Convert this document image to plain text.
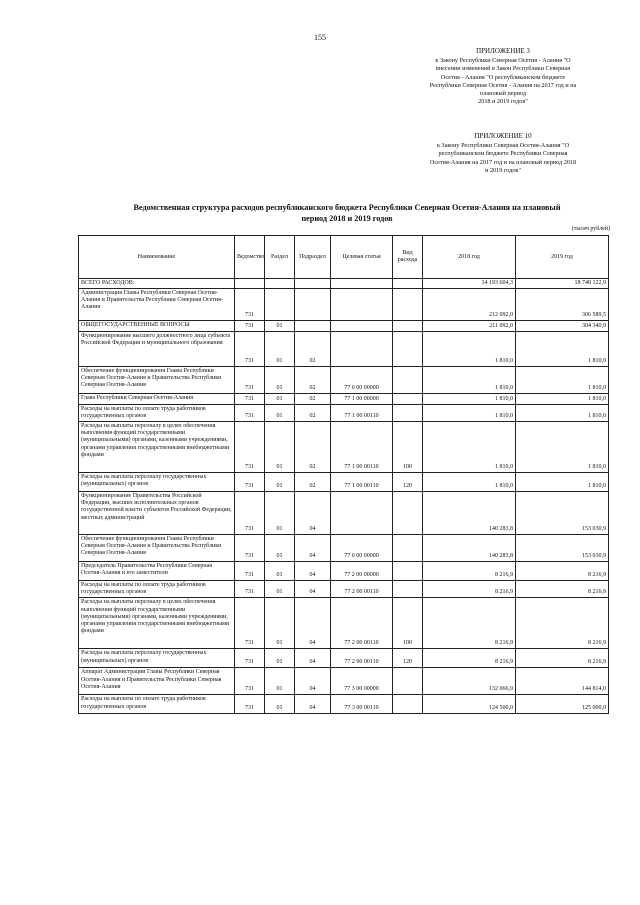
155
ПРИЛОЖЕНИЕ 3
к Закону Республики Северная Осетия - Алания "О
внесении изменений в Закон Республики Северная
Осетия - Алания "О республиканском бюджете
Республики Северная Осетия - Алания на 2017 год и на
плановый период
2018 и 2019 годов"
ПРИЛОЖЕНИЕ 10
к Закону Республики Северная Осетия-Алания "О
республиканском бюджете Республики Северная
Осетия-Алания на 2017 год и на плановый период 2018
и 2019 годов"
Ведомственная структура расходов республиканского бюджета Республики Северная Осетия-Алания на плановый
период 2018 и 2019 годов
(тысяч рублей)
Наименование	Ведомство	Раздел	Подраздел	Целевая статья	Вид расхода	2018 год	2019 год
ВСЕГО РАСХОДОВ:						14 193 604,3	18 748 122,9
Администрация Главы Республики Северная Осетия-Алания и Правительства Республики Северная Осетия-Алания	731					212 092,0	306 589,5
ОБЩЕГОСУДАРСТВЕННЫЕ ВОПРОСЫ	731	01				211 092,0	304 340,9
Функционирование высшего должностного лица субъекта Российской Федерации и муниципального образования	731	01	02			1 810,0	1 810,0
Обеспечение функционирования Главы Республики Северная Осетия-Алания и Правительства Республики Северная Осетия-Алания	731	01	02	77 0 00 00000		1 810,0	1 810,0
Глава Республики Северная Осетия-Алания	731	01	02	77 1 00 00000		1 810,0	1 810,0
Расходы на выплаты по оплате труда работников государственных органов	731	01	02	77 1 00 00110		1 810,0	1 810,0
Расходы на выплаты персоналу в целях обеспечения выполнения функций государственными (муниципальными) органами, казенными учреждениями, органами управления государственными внебюджетными фондами	731	01	02	77 1 00 00110	100	1 810,0	1 810,0
Расходы на выплаты персоналу государственных (муниципальных) органов	731	01	02	77 1 00 00110	120	1 810,0	1 810,0
Функционирование Правительства Российской Федерации, высших исполнительных органов государственной власти субъектов Российской Федерации, местных администраций	731	01	04			140 283,8	153 030,9
Обеспечение функционирования Главы Республики Северная Осетия-Алания и Правительства Республики Северная Осетия-Алания	731	01	04	77 0 00 00000		140 283,8	153 030,9
Председатель Правительства Республики Северная Осетия-Алания и его заместители	731	01	04	77 2 00 00000		8 216,9	8 216,9
Расходы на выплаты по оплате труда работников государственных органов	731	01	04	77 2 00 00110		8 216,9	8 216,9
Расходы на выплаты персоналу в целях обеспечения выполнения функций государственными (муниципальными) органами, казенными учреждениями, органами управления государственными внебюджетными фондами	731	01	04	77 2 00 00110	100	8 216,9	8 216,9
Расходы на выплаты персоналу государственных (муниципальных) органов	731	01	04	77 2 00 00110	120	8 216,9	8 216,9
Аппарат Администрации Главы Республики Северная Осетия-Алания и Правительства Республики Северная Осетия-Алания	731	01	04	77 3 00 00000		132 066,9	144 814,0
Расходы на выплаты по оплате труда работников государственных органов	731	01	04	77 3 00 00110		124 500,0	125 000,0
